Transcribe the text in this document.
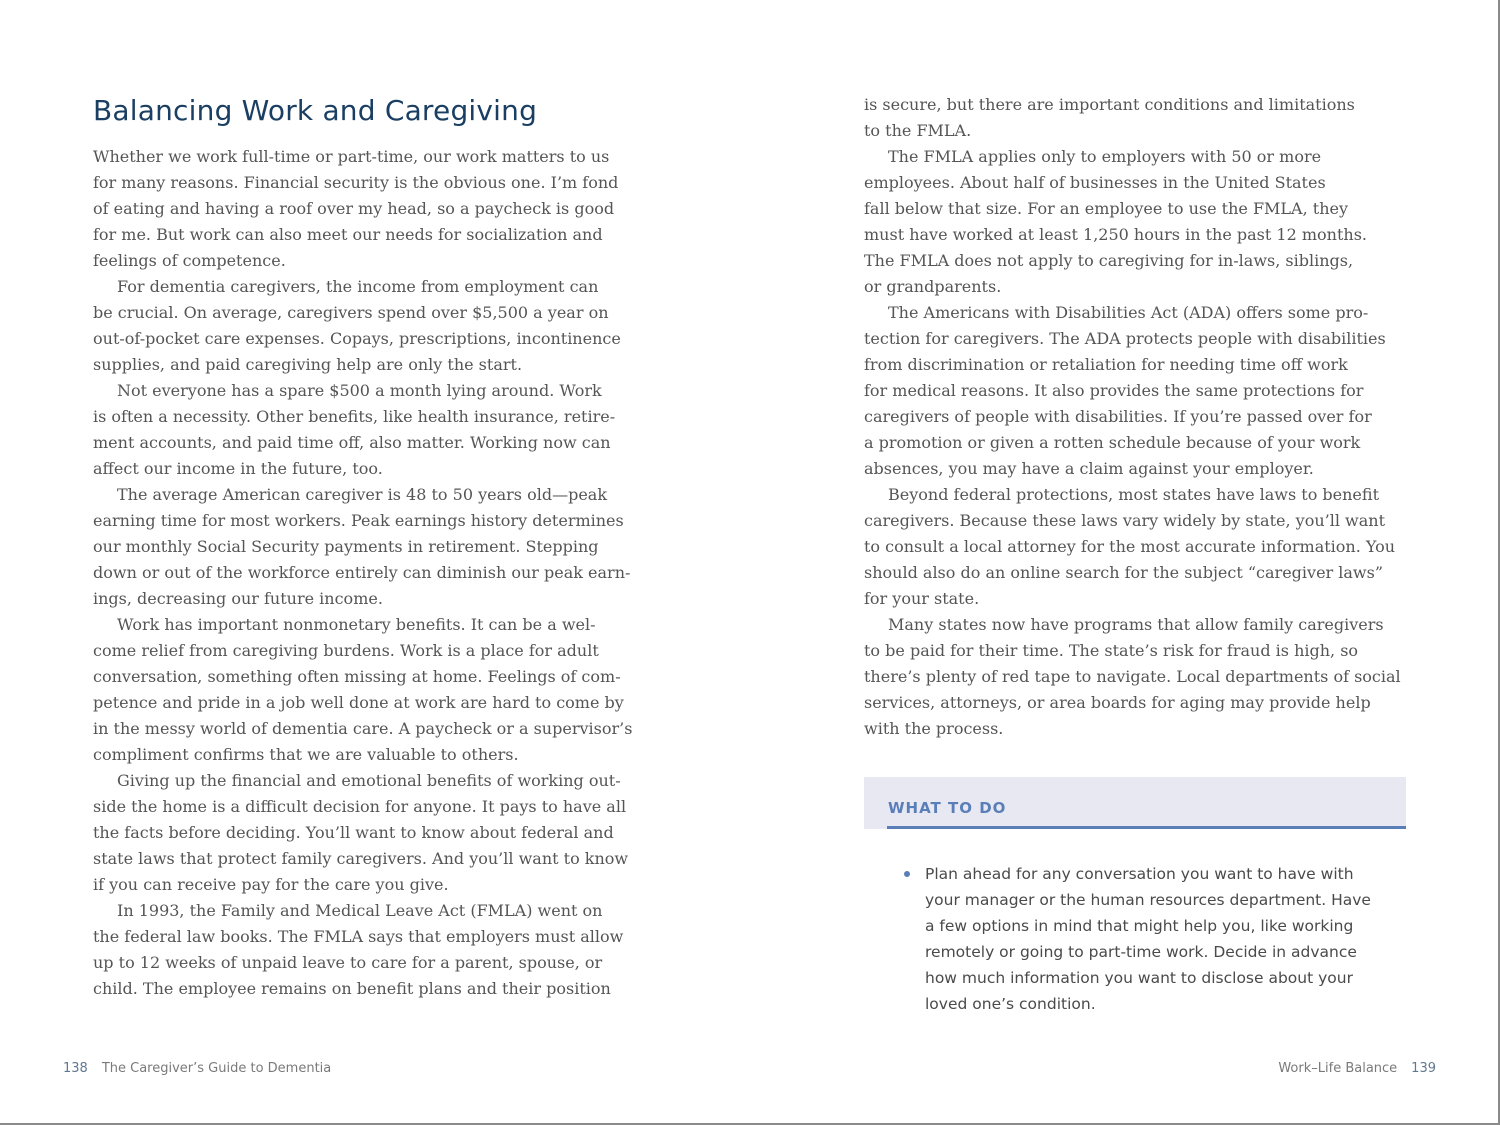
Balancing Work and Caregiving
Whether we work full-time or part-time, our work matters to us
for many reasons. Financial security is the obvious one. I’m fond
of eating and having a roof over my head, so a paycheck is good
for me. But work can also meet our needs for socialization and
feelings of competence.
For dementia caregivers, the income from employment can
be crucial. On average, caregivers spend over $5,500 a year on
out-of-pocket care expenses. Copays, prescriptions, incontinence
supplies, and paid caregiving help are only the start.
Not everyone has a spare $500 a month lying around. Work
is often a necessity. Other benefits, like health insurance, retire-
ment accounts, and paid time off, also matter. Working now can
affect our income in the future, too.
The average American caregiver is 48 to 50 years old—peak
earning time for most workers. Peak earnings history determines
our monthly Social Security payments in retirement. Stepping
down or out of the workforce entirely can diminish our peak earn-
ings, decreasing our future income.
Work has important nonmonetary benefits. It can be a wel-
come relief from caregiving burdens. Work is a place for adult
conversation, something often missing at home. Feelings of com-
petence and pride in a job well done at work are hard to come by
in the messy world of dementia care. A paycheck or a supervisor’s
compliment confirms that we are valuable to others.
Giving up the financial and emotional benefits of working out-
side the home is a difficult decision for anyone. It pays to have all
the facts before deciding. You’ll want to know about federal and
state laws that protect family caregivers. And you’ll want to know
if you can receive pay for the care you give.
In 1993, the Family and Medical Leave Act (FMLA) went on
the federal law books. The FMLA says that employers must allow
up to 12 weeks of unpaid leave to care for a parent, spouse, or
child. The employee remains on benefit plans and their position
138 The Caregiver’s Guide to Dementia
is secure, but there are important conditions and limitations
to the FMLA.
The FMLA applies only to employers with 50 or more
employees. About half of businesses in the United States
fall below that size. For an employee to use the FMLA, they
must have worked at least 1,250 hours in the past 12 months.
The FMLA does not apply to caregiving for in-laws, siblings,
or grandparents.
The Americans with Disabilities Act (ADA) offers some pro-
tection for caregivers. The ADA protects people with disabilities
from discrimination or retaliation for needing time off work
for medical reasons. It also provides the same protections for
caregivers of people with disabilities. If you’re passed over for
a promotion or given a rotten schedule because of your work
absences, you may have a claim against your employer.
Beyond federal protections, most states have laws to benefit
caregivers. Because these laws vary widely by state, you’ll want
to consult a local attorney for the most accurate information. You
should also do an online search for the subject “caregiver laws”
for your state.
Many states now have programs that allow family caregivers
to be paid for their time. The state’s risk for fraud is high, so
there’s plenty of red tape to navigate. Local departments of social
services, attorneys, or area boards for aging may provide help
with the process.
WHAT TO DO
Plan ahead for any conversation you want to have with
your manager or the human resources department. Have
a few options in mind that might help you, like working
remotely or going to part-time work. Decide in advance
how much information you want to disclose about your
loved one’s condition.
Work–Life Balance 139
